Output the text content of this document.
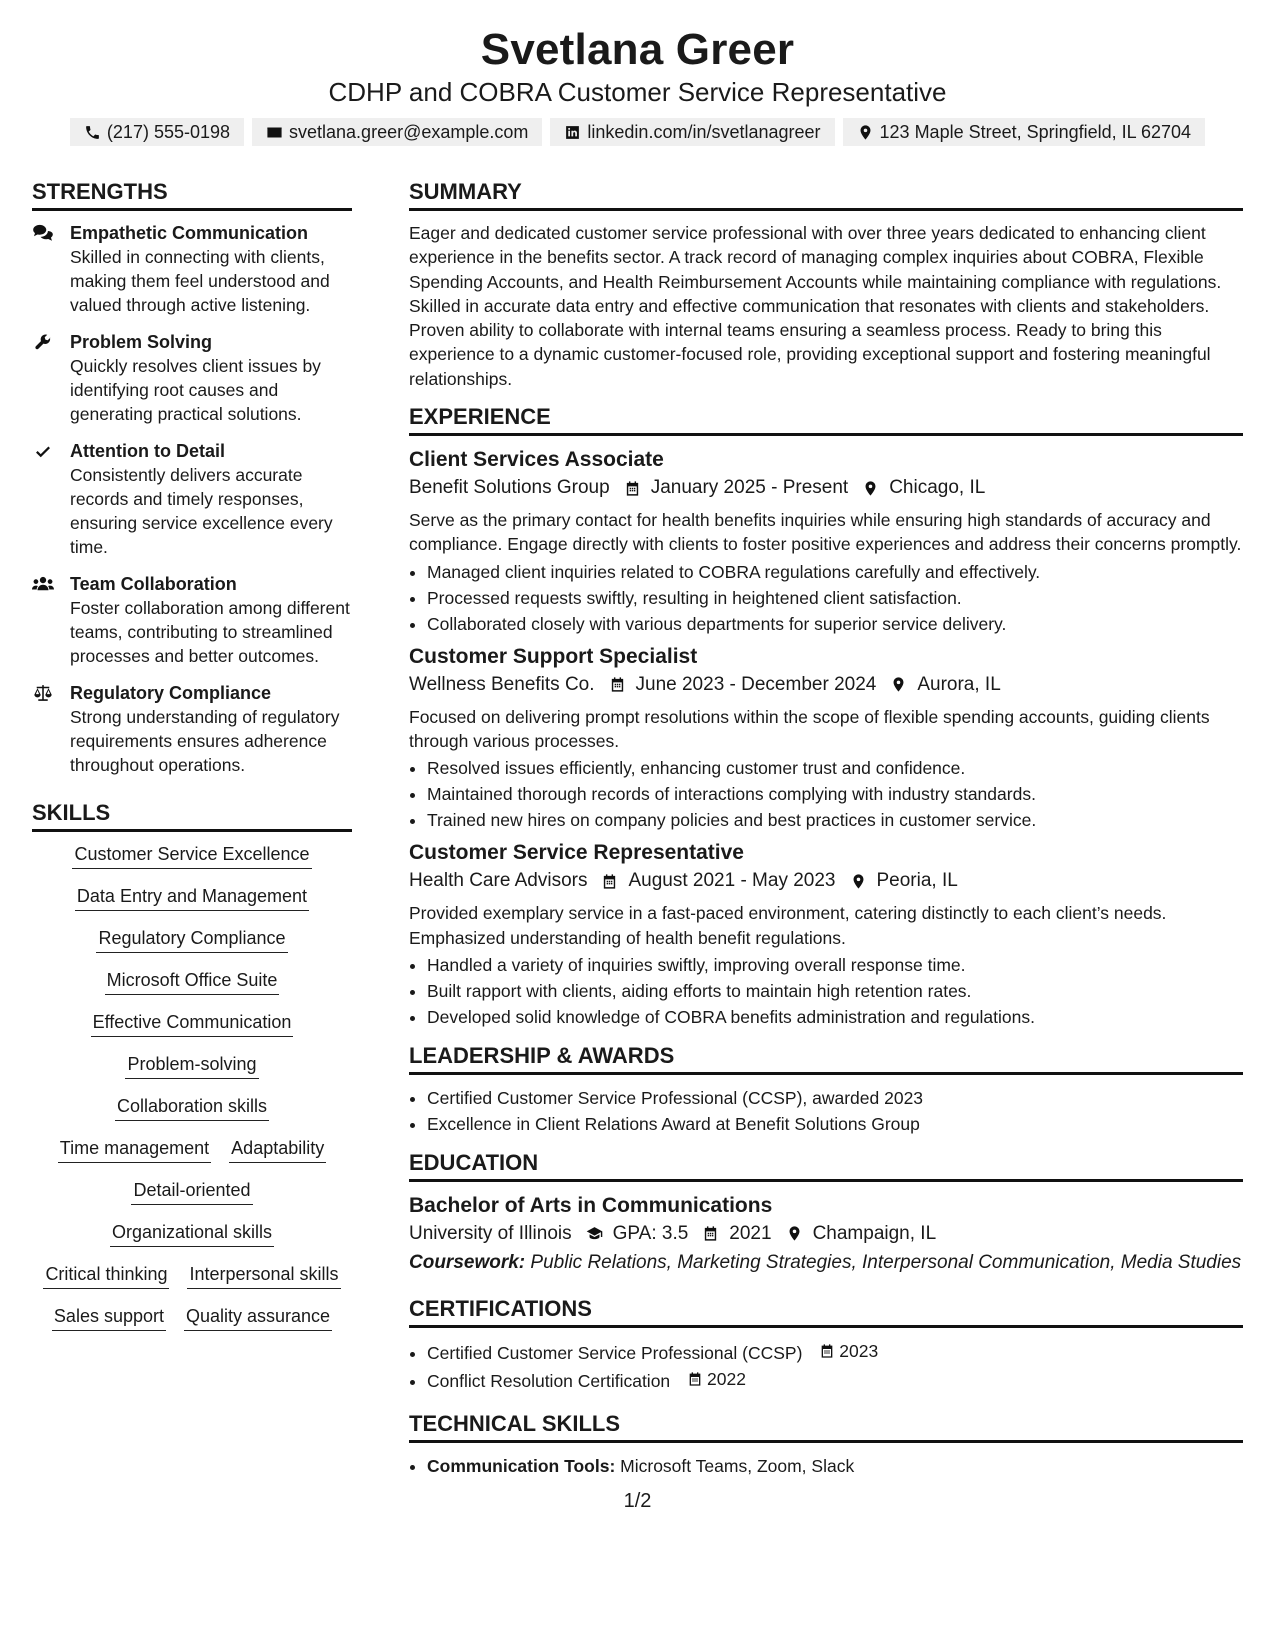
Svetlana Greer
CDHP and COBRA Customer Service Representative
(217) 555-0198	svetlana.greer@example.com	linkedin.com/in/svetlanagreer	123 Maple Street, Springfield, IL 62704
STRENGTHS
Empathetic Communication
Skilled in connecting with clients, making them feel understood and valued through active listening.
Problem Solving
Quickly resolves client issues by identifying root causes and generating practical solutions.
Attention to Detail
Consistently delivers accurate records and timely responses, ensuring service excellence every time.
Team Collaboration
Foster collaboration among different teams, contributing to streamlined processes and better outcomes.
Regulatory Compliance
Strong understanding of regulatory requirements ensures adherence throughout operations.
SKILLS
Customer Service Excellence
Data Entry and Management
Regulatory Compliance
Microsoft Office Suite
Effective Communication
Problem-solving
Collaboration skills
Time management Adaptability
Detail-oriented
Organizational skills
Critical thinking Interpersonal skills
Sales support Quality assurance
SUMMARY
Eager and dedicated customer service professional with over three years dedicated to enhancing client experience in the benefits sector. A track record of managing complex inquiries about COBRA, Flexible Spending Accounts, and Health Reimbursement Accounts while maintaining compliance with regulations. Skilled in accurate data entry and effective communication that resonates with clients and stakeholders. Proven ability to collaborate with internal teams ensuring a seamless process. Ready to bring this experience to a dynamic customer-focused role, providing exceptional support and fostering meaningful relationships.
EXPERIENCE
Client Services Associate
Benefit Solutions Group January 2025 - Present Chicago, IL
Serve as the primary contact for health benefits inquiries while ensuring high standards of accuracy and compliance. Engage directly with clients to foster positive experiences and address their concerns promptly.
• Managed client inquiries related to COBRA regulations carefully and effectively.
• Processed requests swiftly, resulting in heightened client satisfaction.
• Collaborated closely with various departments for superior service delivery.
Customer Support Specialist
Wellness Benefits Co. June 2023 - December 2024 Aurora, IL
Focused on delivering prompt resolutions within the scope of flexible spending accounts, guiding clients through various processes.
• Resolved issues efficiently, enhancing customer trust and confidence.
• Maintained thorough records of interactions complying with industry standards.
• Trained new hires on company policies and best practices in customer service.
Customer Service Representative
Health Care Advisors August 2021 - May 2023 Peoria, IL
Provided exemplary service in a fast-paced environment, catering distinctly to each client’s needs. Emphasized understanding of health benefit regulations.
• Handled a variety of inquiries swiftly, improving overall response time.
• Built rapport with clients, aiding efforts to maintain high retention rates.
• Developed solid knowledge of COBRA benefits administration and regulations.
LEADERSHIP & AWARDS
• Certified Customer Service Professional (CCSP), awarded 2023
• Excellence in Client Relations Award at Benefit Solutions Group
EDUCATION
Bachelor of Arts in Communications
University of Illinois GPA: 3.5 2021 Champaign, IL
Coursework: Public Relations, Marketing Strategies, Interpersonal Communication, Media Studies
CERTIFICATIONS
• Certified Customer Service Professional (CCSP) 2023
• Conflict Resolution Certification 2022
TECHNICAL SKILLS
• Communication Tools: Microsoft Teams, Zoom, Slack
1/2
